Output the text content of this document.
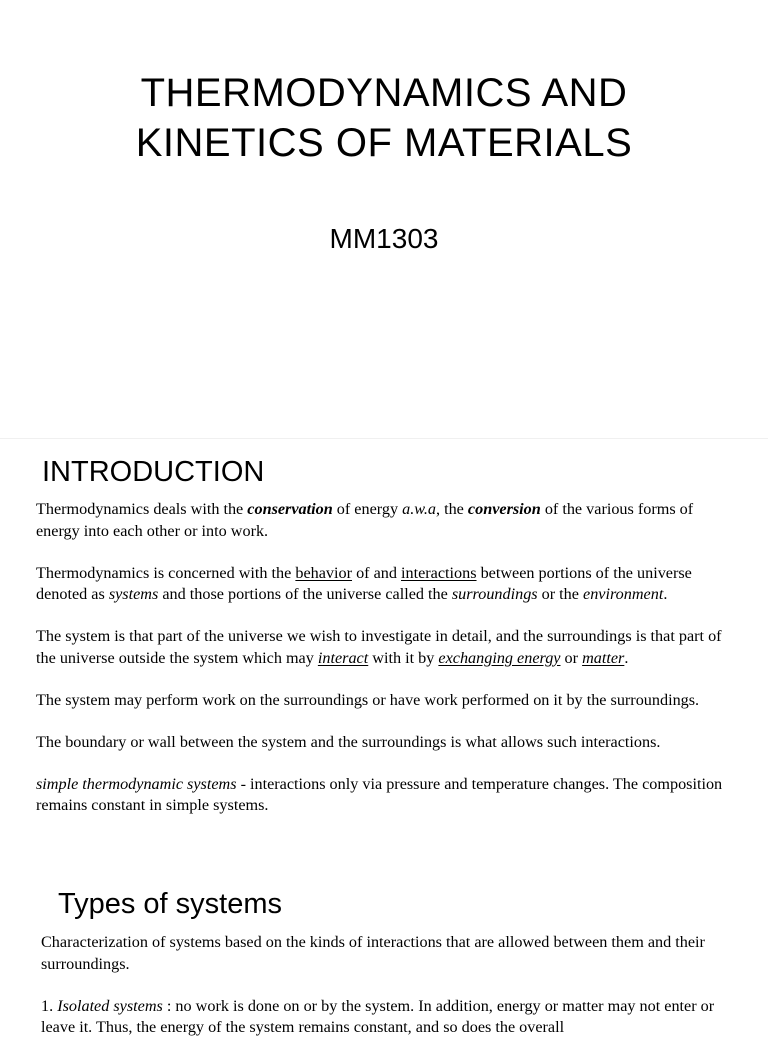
THERMODYNAMICS AND
KINETICS OF MATERIALS
MM1303
INTRODUCTION

Thermodynamics deals with the conservation of energy a.w.a, the conversion of the various forms of energy into each other or into work.

Thermodynamics is concerned with the behavior of and interactions between portions of the universe denoted as systems and those portions of the universe called the surroundings or the environment.

The system is that part of the universe we wish to investigate in detail, and the surroundings is that part of the universe outside the system which may interact with it by exchanging energy or matter.

The system may perform work on the surroundings or have work performed on it by the surroundings.

The boundary or wall between the system and the surroundings is what allows such interactions.

simple thermodynamic systems - interactions only via pressure and temperature changes. The composition remains constant in simple systems.

Types of systems

Characterization of systems based on the kinds of interactions that are allowed between them and their surroundings.

1. Isolated systems : no work is done on or by the system. In addition, energy or matter may not enter or leave it. Thus, the energy of the system remains constant, and so does the overall
